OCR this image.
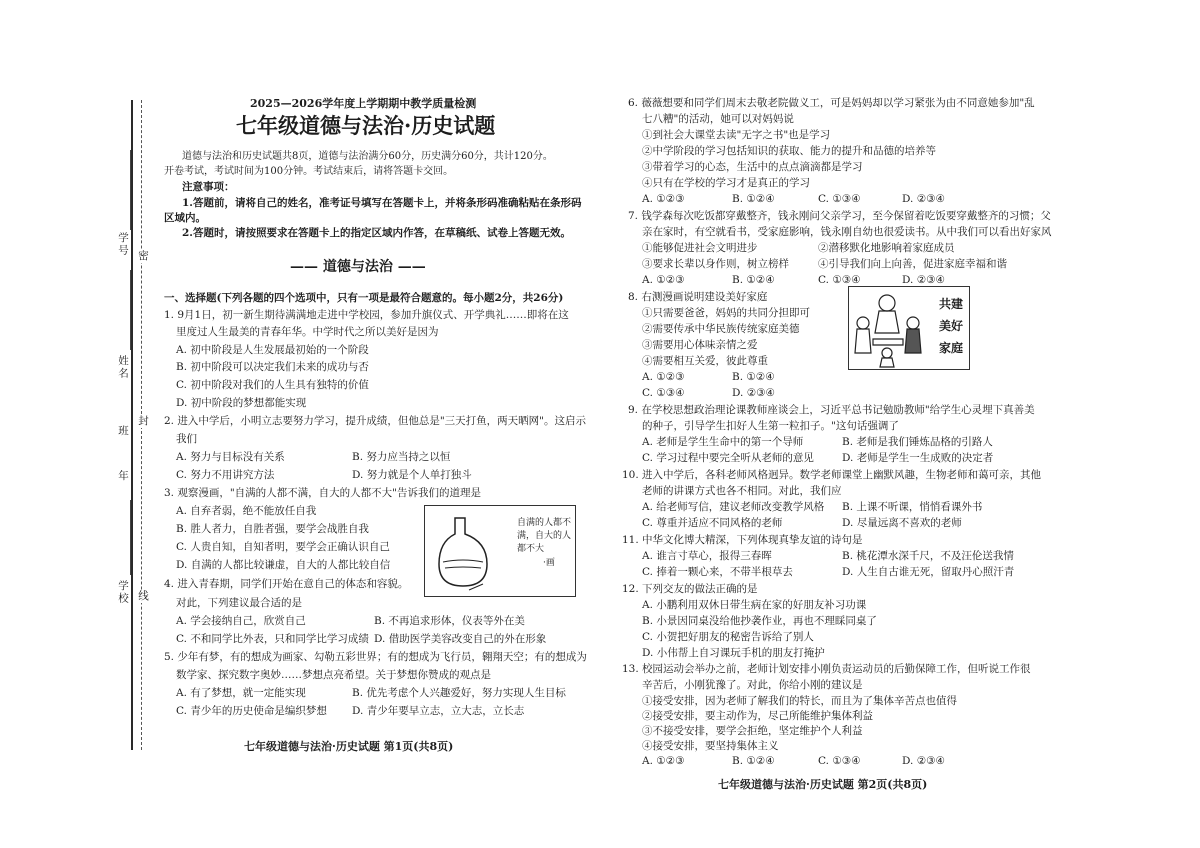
学号
姓名
班
年
学校
密
封
线
2025—2026学年度上学期期中教学质量检测
七年级道德与法治·历史试题
道德与法治和历史试题共8页，道德与法治满分60分，历史满分60分，共计120分。
开卷考试，考试时间为100分钟。考试结束后，请将答题卡交回。
注意事项：
1.答题前，请将自己的姓名，准考证号填写在答题卡上，并将条形码准确粘贴在条形码
区域内。
2.答题时，请按照要求在答题卡上的指定区域内作答，在草稿纸、试卷上答题无效。
—— 道德与法治 ——
一、选择题(下列各题的四个选项中，只有一项是最符合题意的。每小题2分，共26分)
1. 9月1日，初一新生期待满满地走进中学校园，参加升旗仪式、开学典礼……即将在这
里度过人生最美的青春年华。中学时代之所以美好是因为
A. 初中阶段是人生发展最初始的一个阶段
B. 初中阶段可以决定我们未来的成功与否
C. 初中阶段对我们的人生具有独特的价值
D. 初中阶段的梦想都能实现
2. 进入中学后，小明立志要努力学习，提升成绩，但他总是"三天打鱼，两天晒网"。这启示
我们
A. 努力与目标没有关系	B. 努力应当持之以恒
C. 努力不用讲究方法	D. 努力就是个人单打独斗
3. 观察漫画，"自满的人都不满，自大的人都不大"告诉我们的道理是
A. 自弃者弱，绝不能放任自我
B. 胜人者力，自胜者强，要学会战胜自我
C. 人贵自知，自知者明，要学会正确认识自己
D. 自满的人都比较谦虚，自大的人都比较自信
自满的人都不
满，自大的人
都不大
·画
4. 进入青春期，同学们开始在意自己的体态和容貌。
对此，下列建议最合适的是
A. 学会接纳自己，欣赏自己	B. 不再追求形体，仪表等外在美
C. 不和同学比外表，只和同学比学习成绩 D. 借助医学美容改变自己的外在形象
5. 少年有梦，有的想成为画家、勾勒五彩世界；有的想成为飞行员，翱翔天空；有的想成为
数学家、探究数字奥妙……梦想点亮希望。关于梦想你赞成的观点是
A. 有了梦想，就一定能实现	B. 优先考虑个人兴趣爱好，努力实现人生目标
C. 青少年的历史使命是编织梦想 D. 青少年要早立志，立大志，立长志
七年级道德与法治·历史试题 第1页(共8页)
6. 薇薇想要和同学们周末去敬老院做义工，可是妈妈却以学习紧张为由不同意她参加"乱
七八糟"的活动，她可以对妈妈说
①到社会大课堂去读"无字之书"也是学习
②中学阶段的学习包括知识的获取、能力的提升和品德的培养等
③带着学习的心态，生活中的点点滴滴都是学习
④只有在学校的学习才是真正的学习
A. ①②③	B. ①②④	C. ①③④	D. ②③④
7. 钱学森每次吃饭都穿戴整齐，钱永刚问父亲学习，至今保留着吃饭要穿戴整齐的习惯；父
亲在家时，有空就看书，受家庭影响，钱永刚自幼也很爱读书。从中我们可以看出好家风
①能够促进社会文明进步	②潜移默化地影响着家庭成员
③要求长辈以身作则，树立榜样	④引导我们向上向善，促进家庭幸福和谐
A. ①②③	B. ①②④	C. ①③④	D. ②③④
8. 右测漫画说明建设美好家庭
①只需要爸爸，妈妈的共同分担即可
②需要传承中华民族传统家庭美德
③需要用心体味亲情之爱
④需要相互关爱，彼此尊重
A. ①②③	B. ①②④
C. ①③④	D. ②③④
共建
美好
家庭
9. 在学校思想政治理论课教师座谈会上，习近平总书记勉励教师"给学生心灵埋下真善美
的种子，引导学生扣好人生第一粒扣子。"这句话强调了
A. 老师是学生生命中的第一个导师	B. 老师是我们锤炼品格的引路人
C. 学习过程中要完全听从老师的意见	D. 老师是学生一生成败的决定者
10. 进入中学后，各科老师风格迥异。数学老师课堂上幽默风趣，生物老师和蔼可亲，其他
老师的讲课方式也各不相同。对此，我们应
A. 给老师写信，建议老师改变教学风格 B. 上课不听课，悄悄看课外书
C. 尊重并适应不同风格的老师	D. 尽量远离不喜欢的老师
11. 中华文化博大精深，下列体现真挚友谊的诗句是
A. 谁言寸草心，报得三春晖	B. 桃花潭水深千尺，不及汪伦送我情
C. 捧着一颗心来，不带半根草去	D. 人生自古谁无死，留取丹心照汗青
12. 下列交友的做法正确的是
A. 小鹏利用双休日带生病在家的好朋友补习功课
B. 小景因同桌没给他抄袭作业，再也不理睬同桌了
C. 小贺把好朋友的秘密告诉给了别人
D. 小伟帮上自习课玩手机的朋友打掩护
13. 校园运动会举办之前，老师计划安排小刚负责运动员的后勤保障工作，但听说工作很
辛苦后，小刚犹豫了。对此，你给小刚的建议是
①接受安排，因为老师了解我们的特长，而且为了集体辛苦点也值得
②接受安排，要主动作为，尽己所能维护集体利益
③不接受安排，要学会拒绝，坚定维护个人利益
④接受安排，要坚持集体主义
A. ①②③	B. ①②④	C. ①③④	D. ②③④
七年级道德与法治·历史试题 第2页(共8页)
